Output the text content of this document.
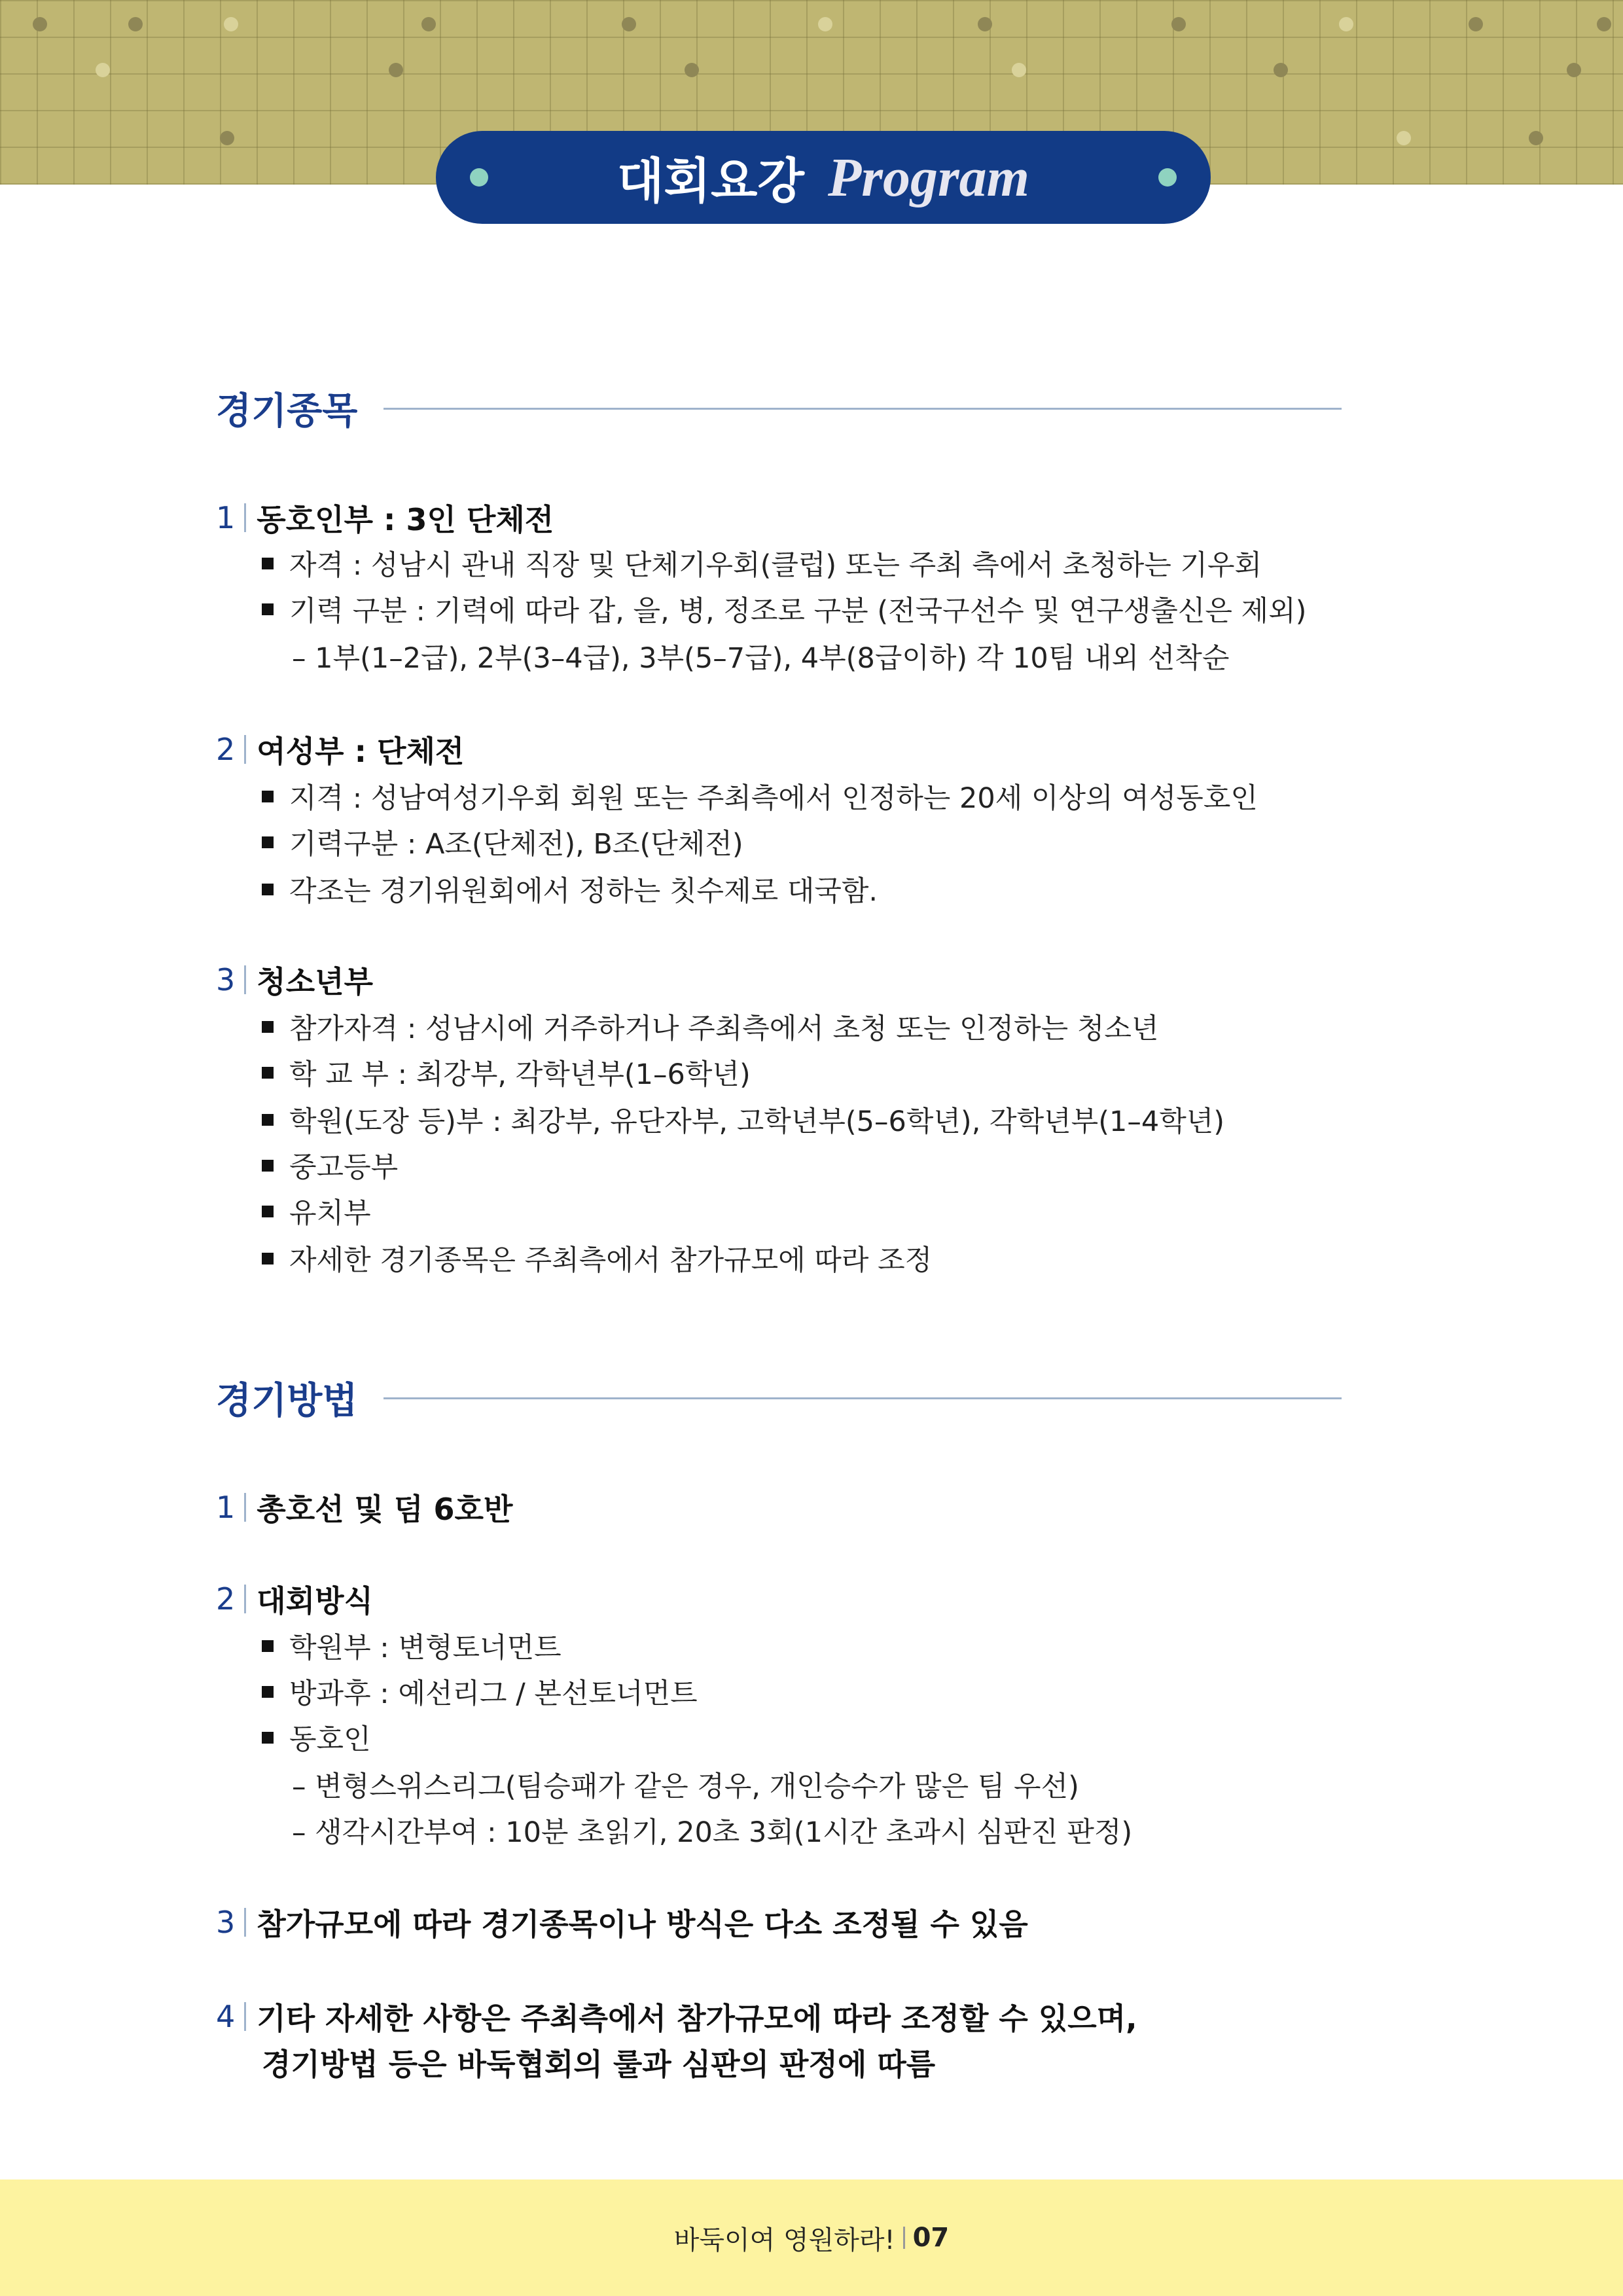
대회요강 Program
경기종목
1 동호인부 : 3인 단체전
자격 : 성남시 관내 직장 및 단체기우회(클럽) 또는 주최 측에서 초청하는 기우회
기력 구분 : 기력에 따라 갑, 을, 병, 정조로 구분 (전국구선수 및 연구생출신은 제외)
– 1부(1–2급), 2부(3–4급), 3부(5–7급), 4부(8급이하) 각 10팀 내외 선착순
2 여성부 : 단체전
지격 : 성남여성기우회 회원 또는 주최측에서 인정하는 20세 이상의 여성동호인
기력구분 : A조(단체전), B조(단체전)
각조는 경기위원회에서 정하는 칫수제로 대국함.
3 청소년부
참가자격 : 성남시에 거주하거나 주최측에서 초청 또는 인정하는 청소년
학 교 부 : 최강부, 각학년부(1–6학년)
학원(도장 등)부 : 최강부, 유단자부, 고학년부(5–6학년), 각학년부(1–4학년)
중고등부
유치부
자세한 경기종목은 주최측에서 참가규모에 따라 조정
경기방법
1 총호선 및 덤 6호반
2 대회방식
학원부 : 변형토너먼트
방과후 : 예선리그 / 본선토너먼트
동호인
– 변형스위스리그(팀승패가 같은 경우, 개인승수가 많은 팀 우선)
– 생각시간부여 : 10분 초읽기, 20초 3회(1시간 초과시 심판진 판정)
3 참가규모에 따라 경기종목이나 방식은 다소 조정될 수 있음
4 기타 자세한 사항은 주최측에서 참가규모에 따라 조정할 수 있으며,
경기방법 등은 바둑협회의 룰과 심판의 판정에 따름
바둑이여 영원하라! 07
